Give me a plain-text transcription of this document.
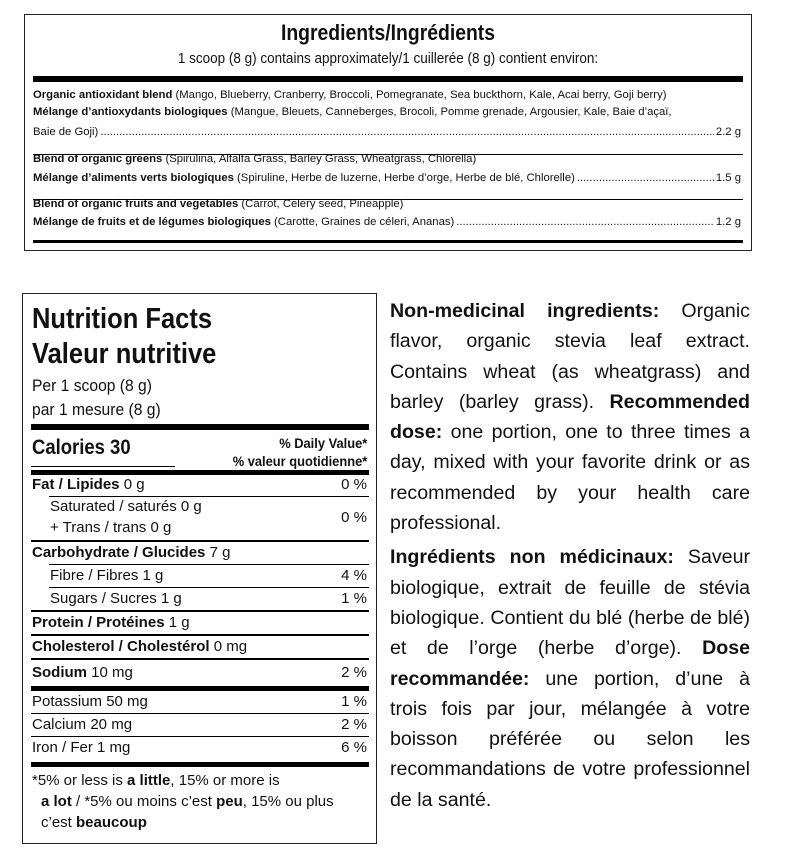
Ingredients/Ingrédients
1 scoop (8 g) contains approximately/1 cuillerée (8 g) contient environ:
Organic antioxidant blend (Mango, Blueberry, Cranberry, Broccoli, Pomegranate, Sea buckthorn, Kale, Acai berry, Goji berry)
Mélange d’antioxydants biologiques (Mangue, Bleuets, Canneberges, Brocoli, Pomme grenade, Argousier, Kale, Baie d’açaï,
Baie de Goji) .....	2.2 g
Blend of organic greens (Spirulina, Alfalfa Grass, Barley Grass, Wheatgrass, Chlorella)
Mélange d’aliments verts biologiques (Spiruline, Herbe de luzerne, Herbe d’orge, Herbe de blé, Chlorelle) .....	1.5 g
Blend of organic fruits and vegetables (Carrot, Celery seed, Pineapple)
Mélange de fruits et de légumes biologiques (Carotte, Graines de céleri, Ananas) .....	1.2 g
Nutrition Facts
Valeur nutritive
Per 1 scoop (8 g)
par 1 mesure (8 g)
Calories 30	% Daily Value*
% valeur quotidienne*
Fat / Lipides 0 g	0 %
Saturated / saturés 0 g
+ Trans / trans 0 g
0 %
Carbohydrate / Glucides 7 g
Fibre / Fibres 1 g	4 %
Sugars / Sucres 1 g	1 %
Protein / Protéines 1 g
Cholesterol / Cholestérol 0 mg
Sodium 10 mg	2 %
Potassium 50 mg	1 %
Calcium 20 mg	2 %
Iron / Fer 1 mg	6 %
*5% or less is a little, 15% or more is
a lot / *5% ou moins c’est peu, 15% ou plus
c’est beaucoup

Non-medicinal ingredients: Organic flavor, organic stevia leaf extract. Contains wheat (as wheatgrass) and barley (barley grass). Recommended dose: one portion, one to three times a day, mixed with your favorite drink or as recommended by your health care professional.

Ingrédients non médicinaux: Saveur biologique, extrait de feuille de stévia biologique. Contient du blé (herbe de blé) et de l’orge (herbe d’orge). Dose recommandée: une portion, d’une à trois fois par jour, mélangée à votre boisson préférée ou selon les recommandations de votre professionnel de la santé.
